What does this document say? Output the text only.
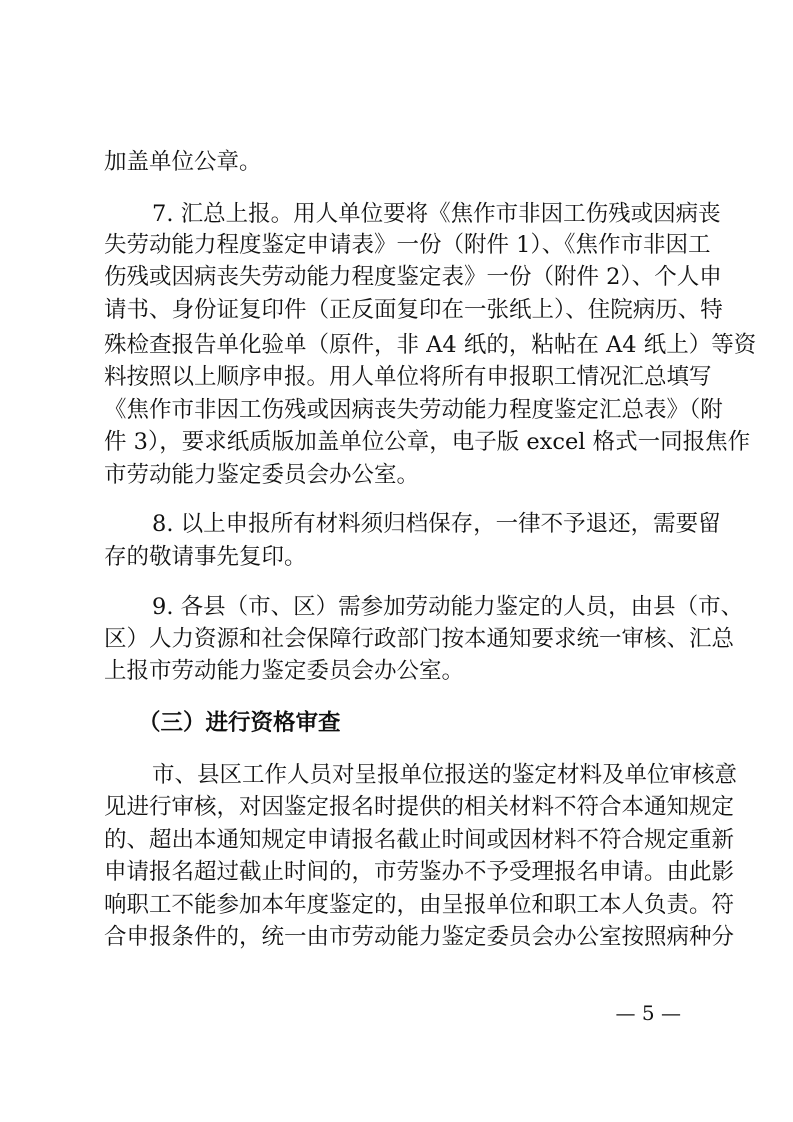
加盖单位公章。
7. 汇总上报。用人单位要将《焦作市非因工伤残或因病丧
失劳动能力程度鉴定申请表》一份（附件 1）、《焦作市非因工
伤残或因病丧失劳动能力程度鉴定表》一份（附件 2）、个人申
请书、身份证复印件（正反面复印在一张纸上）、住院病历、特
殊检查报告单化验单（原件，非 A4 纸的，粘帖在 A4 纸上）等资
料按照以上顺序申报。用人单位将所有申报职工情况汇总填写
《焦作市非因工伤残或因病丧失劳动能力程度鉴定汇总表》（附
件 3），要求纸质版加盖单位公章，电子版 excel 格式一同报焦作
市劳动能力鉴定委员会办公室。
8. 以上申报所有材料须归档保存，一律不予退还，需要留
存的敬请事先复印。
9. 各县（市、区）需参加劳动能力鉴定的人员，由县（市、
区）人力资源和社会保障行政部门按本通知要求统一审核、汇总
上报市劳动能力鉴定委员会办公室。
（三）进行资格审查
市、县区工作人员对呈报单位报送的鉴定材料及单位审核意
见进行审核，对因鉴定报名时提供的相关材料不符合本通知规定
的、超出本通知规定申请报名截止时间或因材料不符合规定重新
申请报名超过截止时间的，市劳鉴办不予受理报名申请。由此影
响职工不能参加本年度鉴定的，由呈报单位和职工本人负责。符
合申报条件的，统一由市劳动能力鉴定委员会办公室按照病种分
— 5 —
